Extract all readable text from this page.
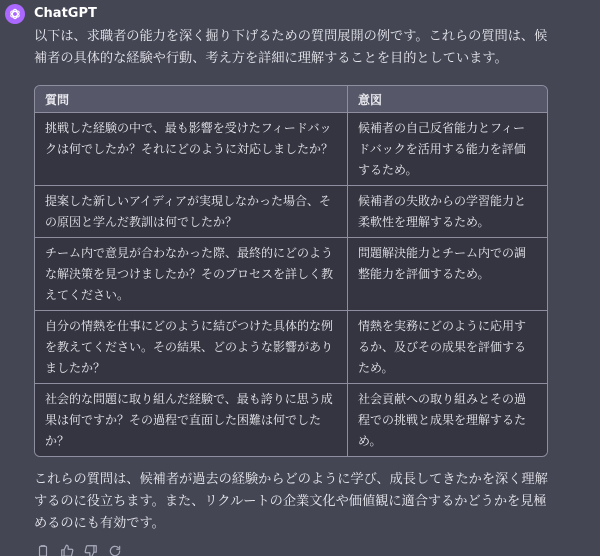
ChatGPT

以下は、求職者の能力を深く掘り下げるための質問展開の例です。これらの質問は、候補者の具体的な経験や行動、考え方を詳細に理解することを目的としています。

質問	意図
挑戦した経験の中で、最も影響を受けたフィードバックは何でしたか？それにどのように対応しましたか？	候補者の自己反省能力とフィードバックを活用する能力を評価するため。
提案した新しいアイディアが実現しなかった場合、その原因と学んだ教訓は何でしたか？	候補者の失敗からの学習能力と柔軟性を理解するため。
チーム内で意見が合わなかった際、最終的にどのような解決策を見つけましたか？そのプロセスを詳しく教えてください。	問題解決能力とチーム内での調整能力を評価するため。
自分の情熱を仕事にどのように結びつけた具体的な例を教えてください。その結果、どのような影響がありましたか？	情熱を実務にどのように応用するか、及びその成果を評価するため。
社会的な問題に取り組んだ経験で、最も誇りに思う成果は何ですか？その過程で直面した困難は何でしたか？	社会貢献への取り組みとその過程での挑戦と成果を理解するため。

これらの質問は、候補者が過去の経験からどのように学び、成長してきたかを深く理解するのに役立ちます。また、リクルートの企業文化や価値観に適合するかどうかを見極めるのにも有効です。
